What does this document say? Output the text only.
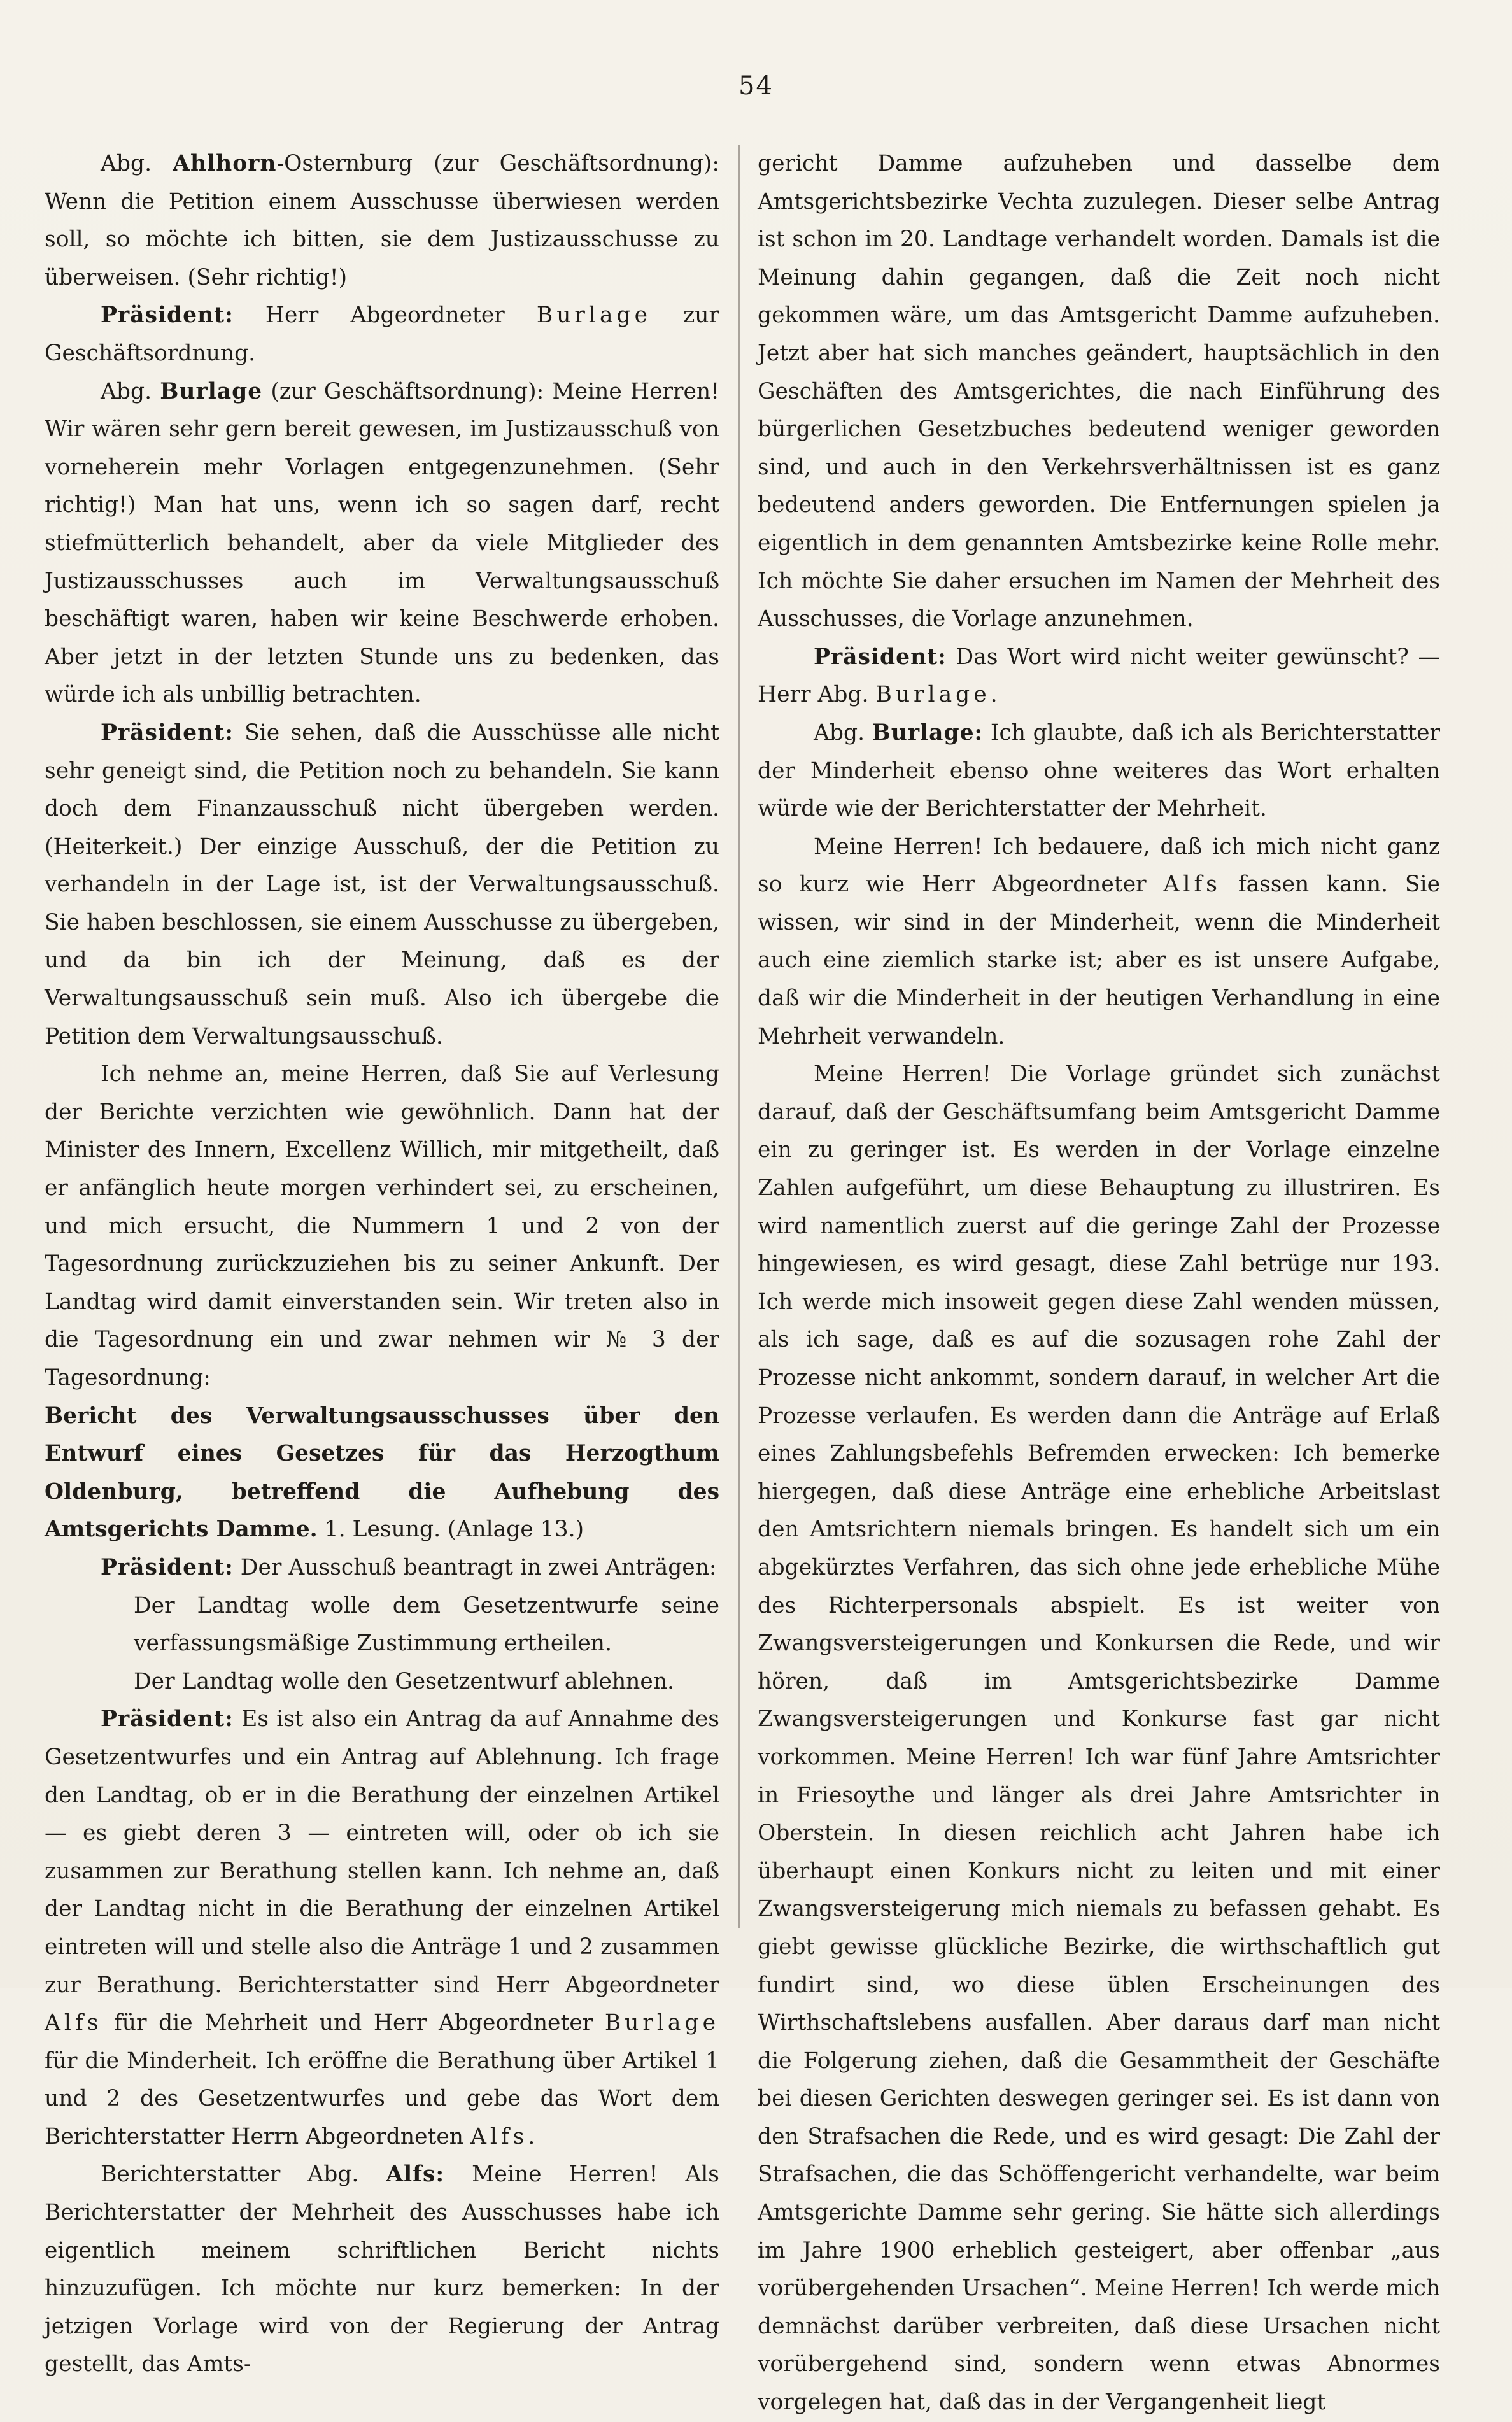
54

Abg. Ahlhorn-Osternburg (zur Geschäftsordnung): Wenn die Petition einem Ausschusse überwiesen werden soll, so möchte ich bitten, sie dem Justizausschusse zu überweisen. (Sehr richtig!)

Präsident: Herr Abgeordneter Burlage zur Geschäftsordnung.

Abg. Burlage (zur Geschäftsordnung): Meine Herren! Wir wären sehr gern bereit gewesen, im Justizausschuß von vorneherein mehr Vorlagen entgegenzunehmen. (Sehr richtig!) Man hat uns, wenn ich so sagen darf, recht stiefmütterlich behandelt, aber da viele Mitglieder des Justizausschusses auch im Verwaltungsausschuß beschäftigt waren, haben wir keine Beschwerde erhoben. Aber jetzt in der letzten Stunde uns zu bedenken, das würde ich als unbillig betrachten.

Präsident: Sie sehen, daß die Ausschüsse alle nicht sehr geneigt sind, die Petition noch zu behandeln. Sie kann doch dem Finanzausschuß nicht übergeben werden. (Heiterkeit.) Der einzige Ausschuß, der die Petition zu verhandeln in der Lage ist, ist der Verwaltungsausschuß. Sie haben beschlossen, sie einem Ausschusse zu übergeben, und da bin ich der Meinung, daß es der Verwaltungsausschuß sein muß. Also ich übergebe die Petition dem Verwaltungsausschuß.

Ich nehme an, meine Herren, daß Sie auf Verlesung der Berichte verzichten wie gewöhnlich. Dann hat der Minister des Innern, Excellenz Willich, mir mitgetheilt, daß er anfänglich heute morgen verhindert sei, zu erscheinen, und mich ersucht, die Nummern 1 und 2 von der Tagesordnung zurückzuziehen bis zu seiner Ankunft. Der Landtag wird damit einverstanden sein. Wir treten also in die Tagesordnung ein und zwar nehmen wir № 3 der Tagesordnung:

Bericht des Verwaltungsausschusses über den Entwurf eines Gesetzes für das Herzogthum Oldenburg, betreffend die Aufhebung des Amtsgerichts Damme. 1. Lesung. (Anlage 13.)

Präsident: Der Ausschuß beantragt in zwei Anträgen:

Der Landtag wolle dem Gesetzentwurfe seine verfassungsmäßige Zustimmung ertheilen.

Der Landtag wolle den Gesetzentwurf ablehnen.

Präsident: Es ist also ein Antrag da auf Annahme des Gesetzentwurfes und ein Antrag auf Ablehnung. Ich frage den Landtag, ob er in die Berathung der einzelnen Artikel — es giebt deren 3 — eintreten will, oder ob ich sie zusammen zur Berathung stellen kann. Ich nehme an, daß der Landtag nicht in die Berathung der einzelnen Artikel eintreten will und stelle also die Anträge 1 und 2 zusammen zur Berathung. Berichterstatter sind Herr Abgeordneter Alfs für die Mehrheit und Herr Abgeordneter Burlage für die Minderheit. Ich eröffne die Berathung über Artikel 1 und 2 des Gesetzentwurfes und gebe das Wort dem Berichterstatter Herrn Abgeordneten Alfs.

Berichterstatter Abg. Alfs: Meine Herren! Als Berichterstatter der Mehrheit des Ausschusses habe ich eigentlich meinem schriftlichen Bericht nichts hinzuzufügen. Ich möchte nur kurz bemerken: In der jetzigen Vorlage wird von der Regierung der Antrag gestellt, das Amts-

gericht Damme aufzuheben und dasselbe dem Amtsgerichtsbezirke Vechta zuzulegen. Dieser selbe Antrag ist schon im 20. Landtage verhandelt worden. Damals ist die Meinung dahin gegangen, daß die Zeit noch nicht gekommen wäre, um das Amtsgericht Damme aufzuheben. Jetzt aber hat sich manches geändert, hauptsächlich in den Geschäften des Amtsgerichtes, die nach Einführung des bürgerlichen Gesetzbuches bedeutend weniger geworden sind, und auch in den Verkehrsverhältnissen ist es ganz bedeutend anders geworden. Die Entfernungen spielen ja eigentlich in dem genannten Amtsbezirke keine Rolle mehr. Ich möchte Sie daher ersuchen im Namen der Mehrheit des Ausschusses, die Vorlage anzunehmen.

Präsident: Das Wort wird nicht weiter gewünscht? — Herr Abg. Burlage.

Abg. Burlage: Ich glaubte, daß ich als Berichterstatter der Minderheit ebenso ohne weiteres das Wort erhalten würde wie der Berichterstatter der Mehrheit.

Meine Herren! Ich bedauere, daß ich mich nicht ganz so kurz wie Herr Abgeordneter Alfs fassen kann. Sie wissen, wir sind in der Minderheit, wenn die Minderheit auch eine ziemlich starke ist; aber es ist unsere Aufgabe, daß wir die Minderheit in der heutigen Verhandlung in eine Mehrheit verwandeln.

Meine Herren! Die Vorlage gründet sich zunächst darauf, daß der Geschäftsumfang beim Amtsgericht Damme ein zu geringer ist. Es werden in der Vorlage einzelne Zahlen aufgeführt, um diese Behauptung zu illustriren. Es wird namentlich zuerst auf die geringe Zahl der Prozesse hingewiesen, es wird gesagt, diese Zahl betrüge nur 193. Ich werde mich insoweit gegen diese Zahl wenden müssen, als ich sage, daß es auf die sozusagen rohe Zahl der Prozesse nicht ankommt, sondern darauf, in welcher Art die Prozesse verlaufen. Es werden dann die Anträge auf Erlaß eines Zahlungsbefehls Befremden erwecken: Ich bemerke hiergegen, daß diese Anträge eine erhebliche Arbeitslast den Amtsrichtern niemals bringen. Es handelt sich um ein abgekürztes Verfahren, das sich ohne jede erhebliche Mühe des Richterpersonals abspielt. Es ist weiter von Zwangsversteigerungen und Konkursen die Rede, und wir hören, daß im Amtsgerichtsbezirke Damme Zwangsversteigerungen und Konkurse fast gar nicht vorkommen. Meine Herren! Ich war fünf Jahre Amtsrichter in Friesoythe und länger als drei Jahre Amtsrichter in Oberstein. In diesen reichlich acht Jahren habe ich überhaupt einen Konkurs nicht zu leiten und mit einer Zwangsversteigerung mich niemals zu befassen gehabt. Es giebt gewisse glückliche Bezirke, die wirthschaftlich gut fundirt sind, wo diese üblen Erscheinungen des Wirthschaftslebens ausfallen. Aber daraus darf man nicht die Folgerung ziehen, daß die Gesammtheit der Geschäfte bei diesen Gerichten deswegen geringer sei. Es ist dann von den Strafsachen die Rede, und es wird gesagt: Die Zahl der Strafsachen, die das Schöffengericht verhandelte, war beim Amtsgerichte Damme sehr gering. Sie hätte sich allerdings im Jahre 1900 erheblich gesteigert, aber offenbar „aus vorübergehenden Ursachen“. Meine Herren! Ich werde mich demnächst darüber verbreiten, daß diese Ursachen nicht vorübergehend sind, sondern wenn etwas Abnormes vorgelegen hat, daß das in der Vergangenheit liegt
